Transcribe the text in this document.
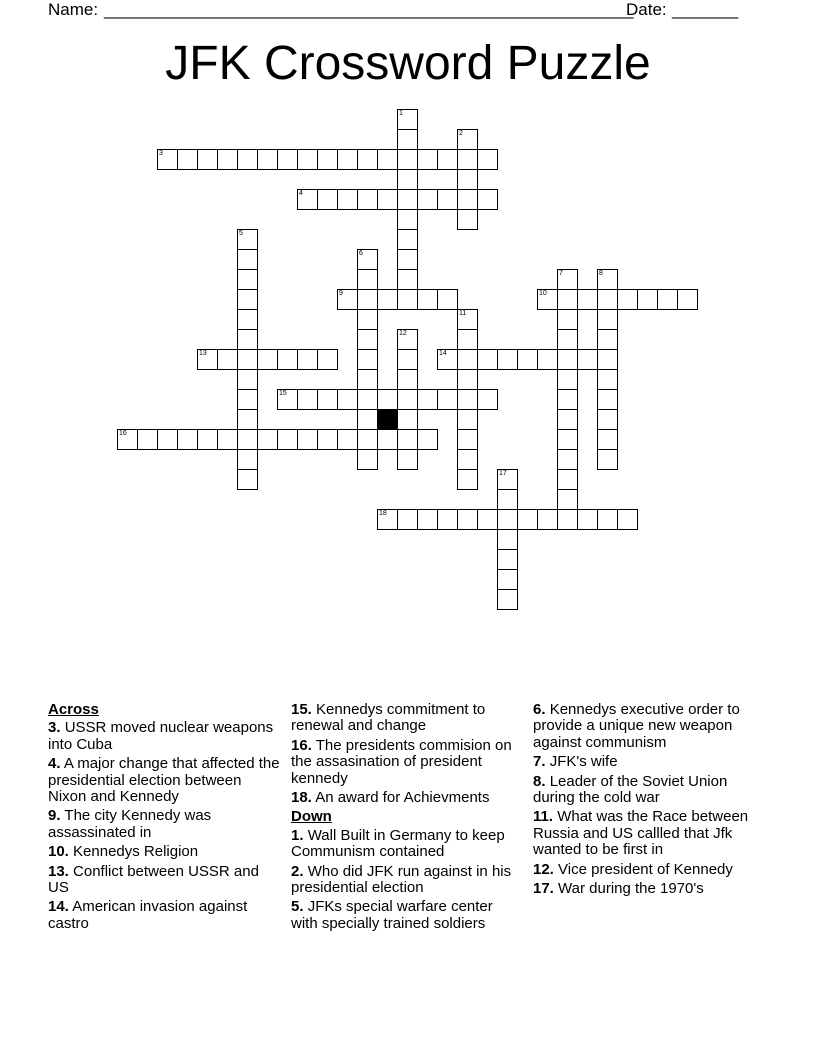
Name: ________________________________________________________
Date: _______
JFK Crossword Puzzle
3
4
9	10
13	14
15
16
18
1
2
5
6
7	8
11
12
17
Across
3. USSR moved nuclear weapons into Cuba
4. A major change that affected the presidential election between Nixon and Kennedy
9. The city Kennedy was assassinated in
10. Kennedys Religion
13. Conflict between USSR and US
14. American invasion against castro
15. Kennedys commitment to renewal and change
16. The presidents commision on the assasination of president kennedy
18. An award for Achievments
Down
1. Wall Built in Germany to keep Communism contained
2. Who did JFK run against in his presidential election
5. JFKs special warfare center with specially trained soldiers
6. Kennedys executive order to provide a unique new weapon against communism
7. JFK's wife
8. Leader of the Soviet Union during the cold war
11. What was the Race between Russia and US callled that Jfk wanted to be first in
12. Vice president of Kennedy
17. War during the 1970's
